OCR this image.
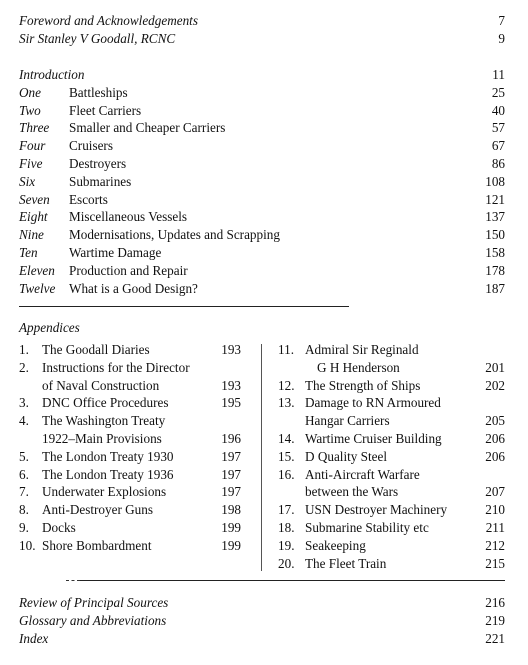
Foreword and Acknowledgements	7
Sir Stanley V Goodall, RCNC	9
Introduction	11
One Battleships	25
Two Fleet Carriers	40
Three Smaller and Cheaper Carriers	57
Four Cruisers	67
Five Destroyers	86
Six	Submarines	108
Seven Escorts	121
Eight Miscellaneous Vessels	137
Nine Modernisations, Updates and Scrapping	150
Ten Wartime Damage	158
Eleven Production and Repair	178
Twelve What is a Good Design?	187
Appendices
1. The Goodall Diaries	193
2. Instructions for the Director
of Naval Construction	193
3. DNC Office Procedures	195
4. The Washington Treaty
1922–Main Provisions	196
5. The London Treaty 1930	197
6. The London Treaty 1936	197
7. Underwater Explosions	197
8. Anti-Destroyer Guns	198
9. Docks	199
10. Shore Bombardment	199
11. Admiral Sir Reginald
G H Henderson	201
12. The Strength of Ships	202
13. Damage to RN Armoured
Hangar Carriers	205
14. Wartime Cruiser Building	206
15. D Quality Steel	206
16. Anti-Aircraft Warfare
between the Wars	207
17. USN Destroyer Machinery	210
18. Submarine Stability etc	211
19. Seakeeping	212
20. The Fleet Train	215
Review of Principal Sources	216
Glossary and Abbreviations	219
Index	221
